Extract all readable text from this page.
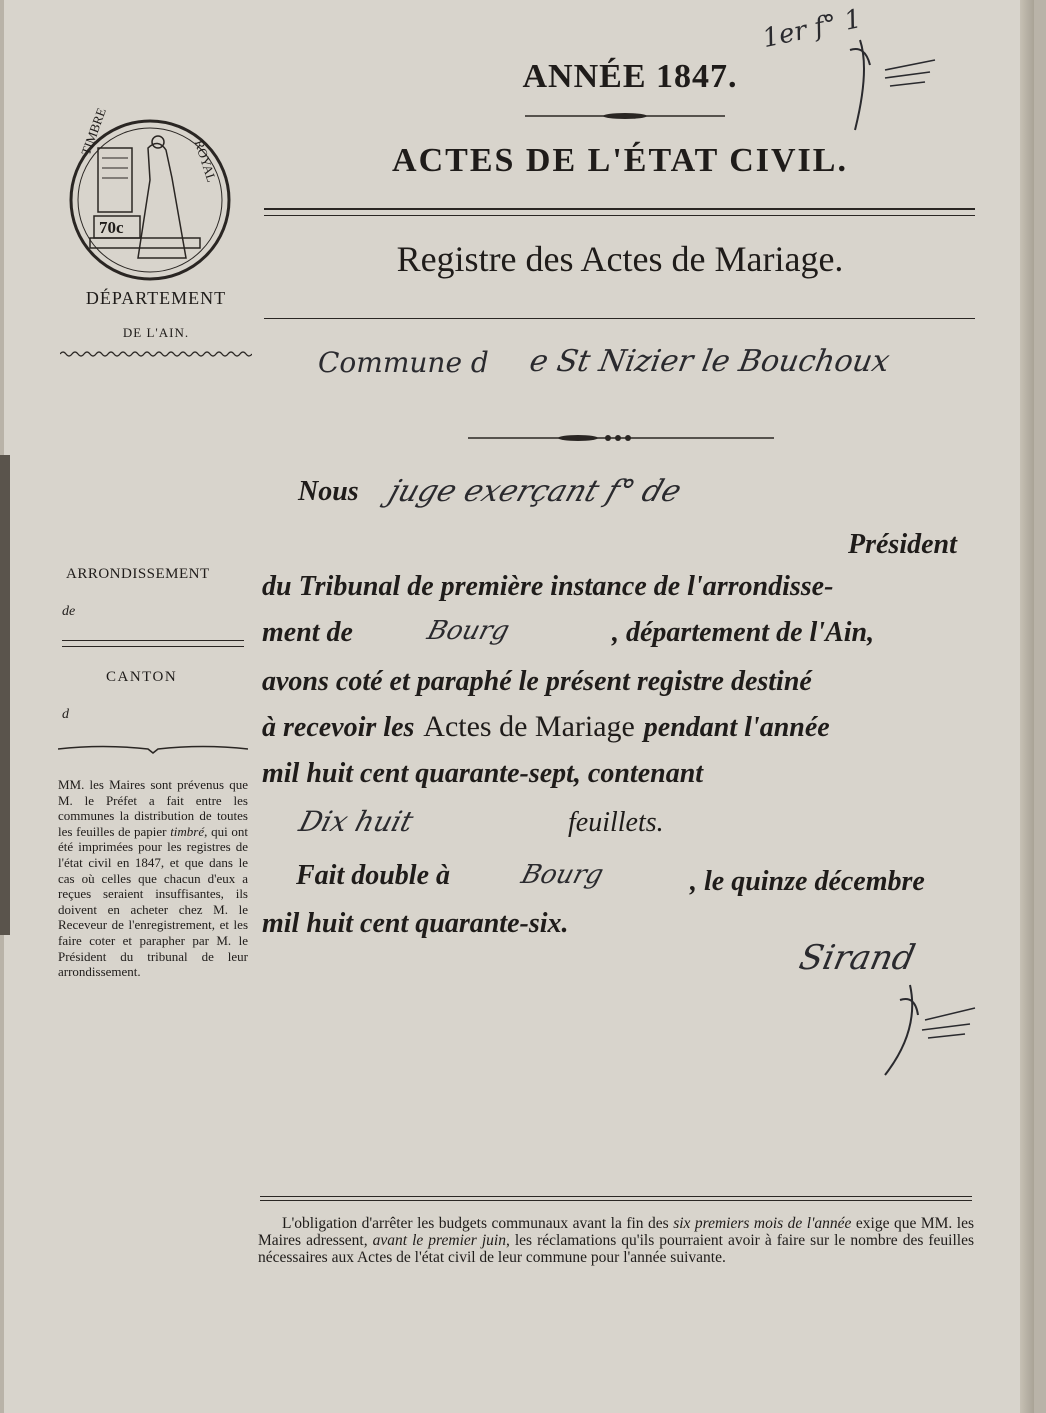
1er f° 1
ANNÉE 1847.
ACTES DE L'ÉTAT CIVIL.
Registre des Actes de Mariage.
TIMBRE
ROYAL
70c
DÉPARTEMENT
DE L'AIN.
ARRONDISSEMENT
de
CANTON
d
MM. les Maires sont prévenus que M. le Préfet a fait entre les communes la distribution de toutes les feuilles de papier timbré, qui ont été imprimées pour les registres de l'état civil en 1847, et que dans le cas où celles que chacun d'eux a reçues seraient insuffisantes, ils doivent en acheter chez M. le Receveur de l'enregistrement, et les faire coter et parapher par M. le Président du tribunal de leur arrondissement.
Commune d e St Nizier le Bouchoux
Nous juge exerçant f° de
Président
du Tribunal de première instance de l'arrondisse-
ment de	Bourg	, département de l'Ain,
avons coté et paraphé le présent registre destiné
à recevoir les Actes de Mariage pendant l'année
mil huit cent quarante-sept, contenant
Dix huit	feuillets.
Fait double à	Bourg	, le quinze décembre
mil huit cent quarante-six.
Sirand
L'obligation d'arrêter les budgets communaux avant la fin des six premiers mois de l'année exige que MM. les Maires adressent, avant le premier juin, les réclamations qu'ils pourraient avoir à faire sur le nombre des feuilles nécessaires aux Actes de l'état civil de leur commune pour l'année suivante.
